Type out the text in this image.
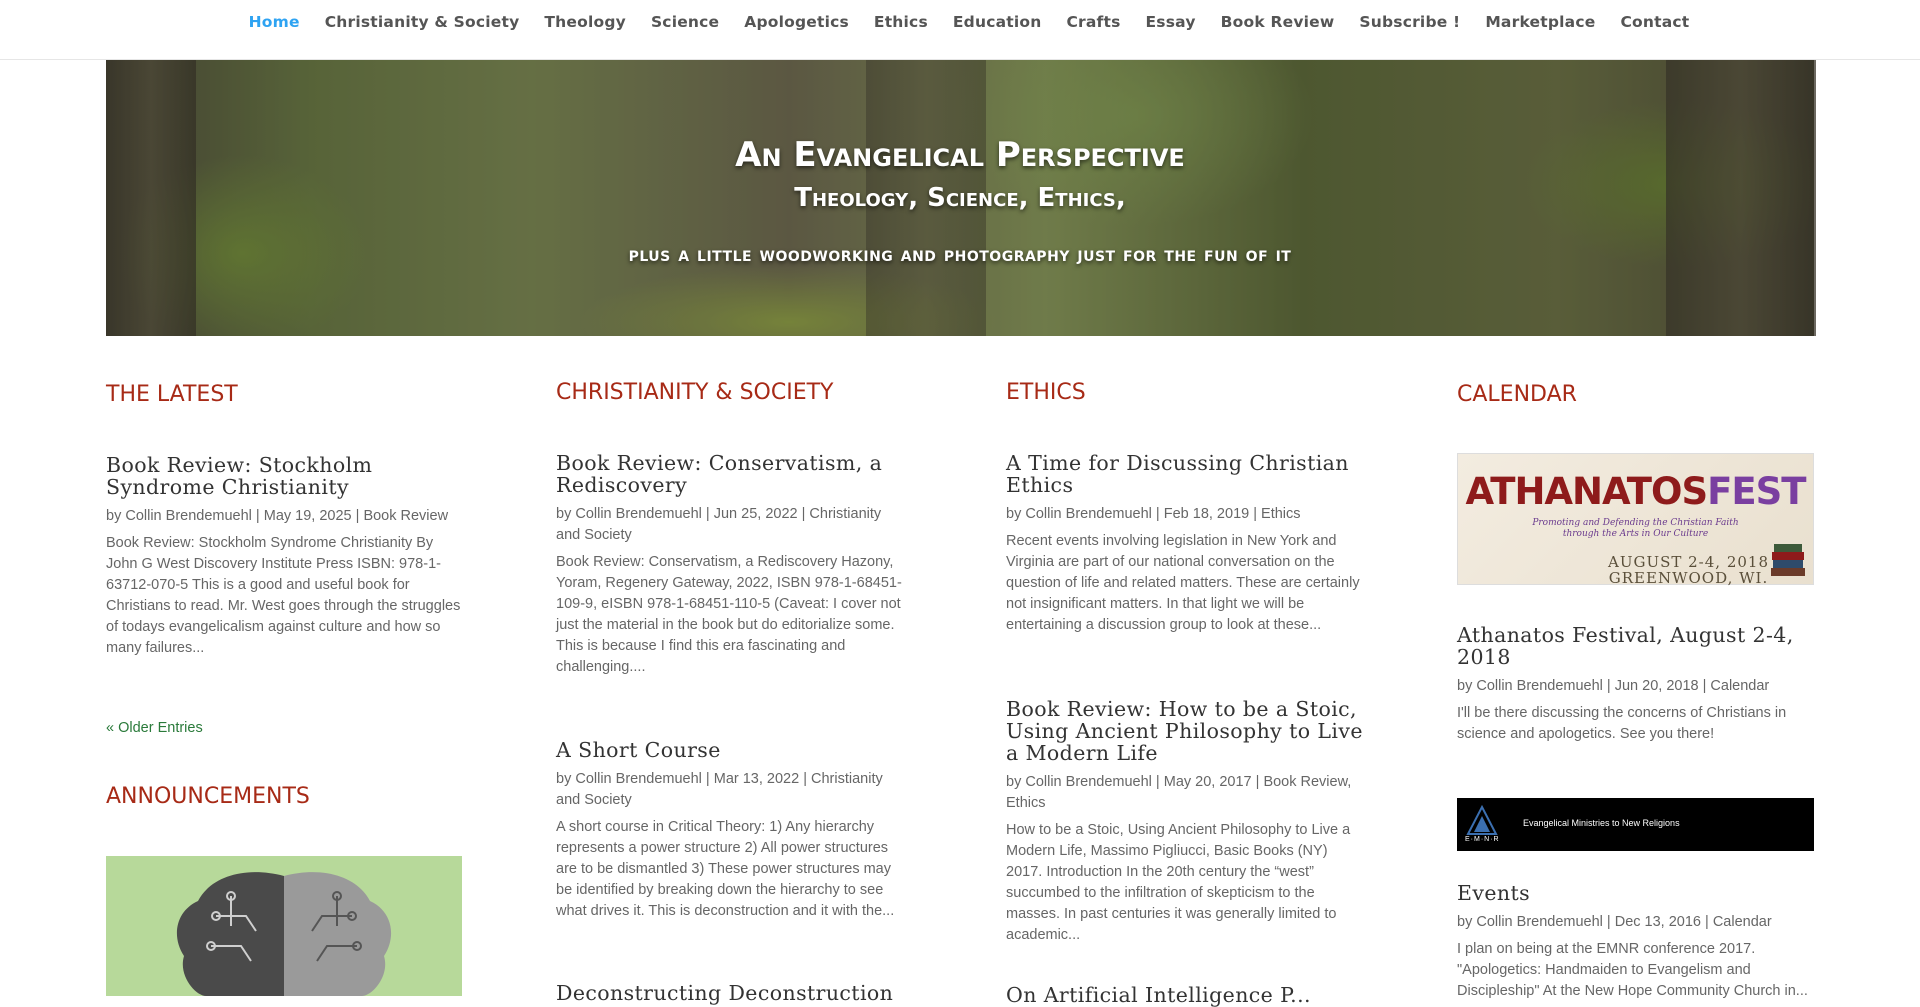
Home Christianity & Society Theology Science Apologetics Ethics Education Crafts Essay Book Review Subscribe ! Marketplace Contact
An Evangelical Perspective
Theology, Science, Ethics,
plus a little woodworking and photography just for the fun of it
THE LATEST
Book Review: Stockholm Syndrome Christianity
by Collin Brendemuehl | May 19, 2025 | Book Review
Book Review: Stockholm Syndrome Christianity By John G West Discovery Institute Press ISBN: 978-1-63712-070-5 This is a good and useful book for Christians to read. Mr. West goes through the struggles of todays evangelicalism against culture and how so many failures...
« Older Entries
ANNOUNCEMENTS
CHRISTIANITY & SOCIETY
Book Review: Conservatism, a Rediscovery
by Collin Brendemuehl | Jun 25, 2022 | Christianity and Society
Book Review: Conservatism, a Rediscovery Hazony, Yoram, Regenery Gateway, 2022, ISBN 978-1-68451-109-9, eISBN 978-1-68451-110-5 (Caveat: I cover not just the material in the book but do editorialize some. This is because I find this era fascinating and challenging....
A Short Course
by Collin Brendemuehl | Mar 13, 2022 | Christianity and Society
A short course in Critical Theory: 1) Any hierarchy represents a power structure 2) All power structures are to be dismantled 3) These power structures may be identified by breaking down the hierarchy to see what drives it. This is deconstruction and it with the...
Deconstructing Deconstruction
ETHICS
A Time for Discussing Christian Ethics
by Collin Brendemuehl | Feb 18, 2019 | Ethics
Recent events involving legislation in New York and Virginia are part of our national conversation on the question of life and related matters. These are certainly not insignificant matters. In that light we will be entertaining a discussion group to look at these...
Book Review: How to be a Stoic, Using Ancient Philosophy to Live a Modern Life
by Collin Brendemuehl | May 20, 2017 | Book Review, Ethics
How to be a Stoic, Using Ancient Philosophy to Live a Modern Life, Massimo Pigliucci, Basic Books (NY) 2017. Introduction In the 20th century the “west” succumbed to the infiltration of skepticism to the masses. In past centuries it was generally limited to academic...
On Artificial Intelligence P...
CALENDAR
ATHANATOSFEST
Promoting and Defending the Christian Faith
through the Arts in Our Culture
AUGUST 2-4, 2018
GREENWOOD, WI.
Athanatos Festival, August 2-4, 2018
by Collin Brendemuehl | Jun 20, 2018 | Calendar
I'll be there discussing the concerns of Christians in science and apologetics. See you there!
E·M·N·R
Evangelical Ministries to New Religions
Events
by Collin Brendemuehl | Dec 13, 2016 | Calendar
I plan on being at the EMNR conference 2017. "Apologetics: Handmaiden to Evangelism and Discipleship" At the New Hope Community Church in...
